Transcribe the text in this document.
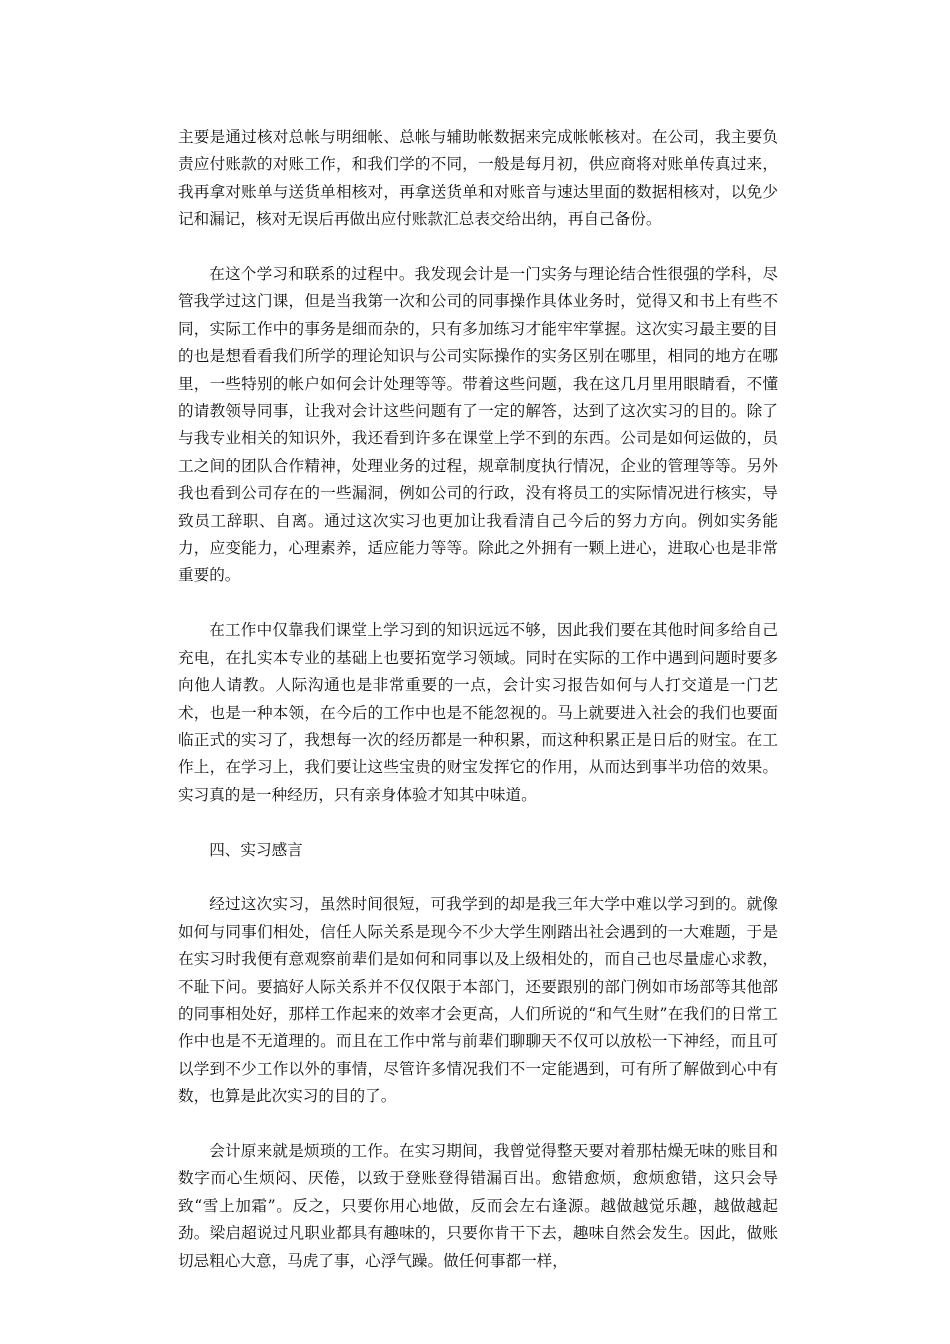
主要是通过核对总帐与明细帐、总帐与辅助帐数据来完成帐帐核对。在公司，我主要负责应付账款的对账工作，和我们学的不同，一般是每月初，供应商将对账单传真过来，我再拿对账单与送货单相核对，再拿送货单和对账音与速达里面的数据相核对，以免少记和漏记，核对无误后再做出应付账款汇总表交给出纳，再自己备份。

在这个学习和联系的过程中。我发现会计是一门实务与理论结合性很强的学科，尽管我学过这门课，但是当我第一次和公司的同事操作具体业务时，觉得又和书上有些不同，实际工作中的事务是细而杂的，只有多加练习才能牢牢掌握。这次实习最主要的目的也是想看看我们所学的理论知识与公司实际操作的实务区别在哪里，相同的地方在哪里，一些特别的帐户如何会计处理等等。带着这些问题，我在这几月里用眼睛看，不懂的请教领导同事，让我对会计这些问题有了一定的解答，达到了这次实习的目的。除了与我专业相关的知识外，我还看到许多在课堂上学不到的东西。公司是如何运做的，员工之间的团队合作精神，处理业务的过程，规章制度执行情况，企业的管理等等。另外我也看到公司存在的一些漏洞，例如公司的行政，没有将员工的实际情况进行核实，导致员工辞职、自离。通过这次实习也更加让我看清自己今后的努力方向。例如实务能力，应变能力，心理素养，适应能力等等。除此之外拥有一颗上进心，进取心也是非常重要的。

在工作中仅靠我们课堂上学习到的知识远远不够，因此我们要在其他时间多给自己充电，在扎实本专业的基础上也要拓宽学习领域。同时在实际的工作中遇到问题时要多向他人请教。人际沟通也是非常重要的一点，会计实习报告如何与人打交道是一门艺术，也是一种本领，在今后的工作中也是不能忽视的。马上就要进入社会的我们也要面临正式的实习了，我想每一次的经历都是一种积累，而这种积累正是日后的财宝。在工作上，在学习上，我们要让这些宝贵的财宝发挥它的作用，从而达到事半功倍的效果。实习真的是一种经历，只有亲身体验才知其中味道。

四、实习感言

经过这次实习，虽然时间很短，可我学到的却是我三年大学中难以学习到的。就像如何与同事们相处，信任人际关系是现今不少大学生刚踏出社会遇到的一大难题，于是在实习时我便有意观察前辈们是如何和同事以及上级相处的，而自己也尽量虚心求教，不耻下问。要搞好人际关系并不仅仅限于本部门，还要跟别的部门例如市场部等其他部的同事相处好，那样工作起来的效率才会更高，人们所说的“和气生财”在我们的日常工作中也是不无道理的。而且在工作中常与前辈们聊聊天不仅可以放松一下神经，而且可以学到不少工作以外的事情，尽管许多情况我们不一定能遇到，可有所了解做到心中有数，也算是此次实习的目的了。

会计原来就是烦琐的工作。在实习期间，我曾觉得整天要对着那枯燥无味的账目和数字而心生烦闷、厌倦，以致于登账登得错漏百出。愈错愈烦，愈烦愈错，这只会导致“雪上加霜”。反之，只要你用心地做，反而会左右逢源。越做越觉乐趣，越做越起劲。梁启超说过凡职业都具有趣味的，只要你肯干下去，趣味自然会发生。因此，做账切忌粗心大意，马虎了事，心浮气躁。做任何事都一样，
